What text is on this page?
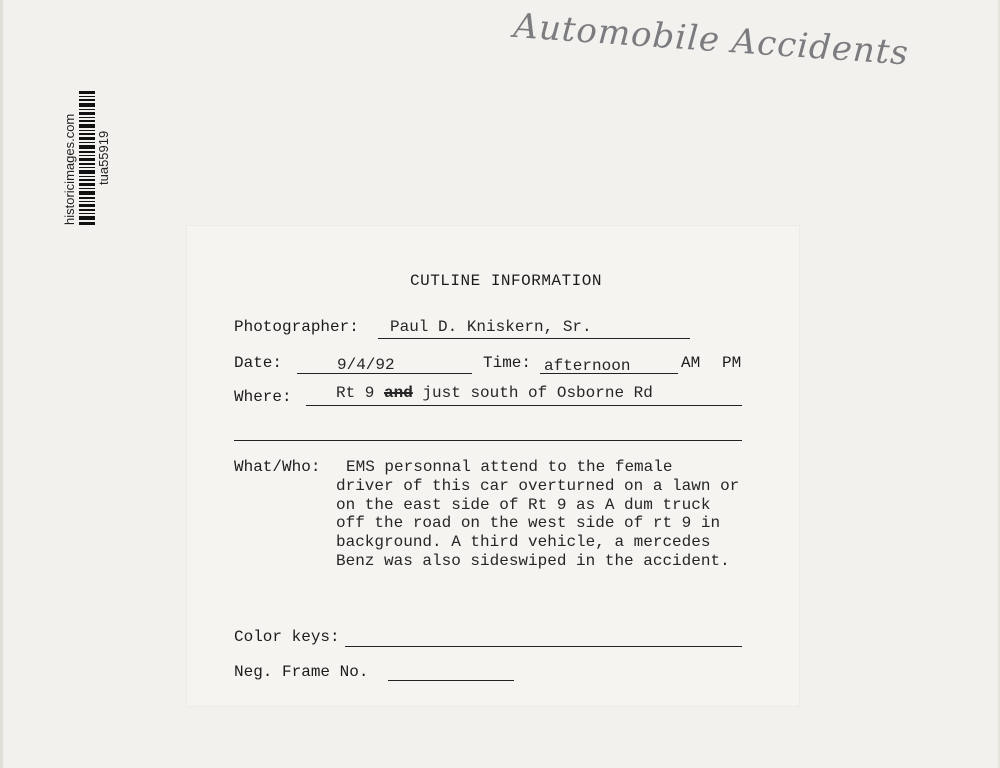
Automobile Accidents
historicimages.com tua55919
CUTLINE INFORMATION
Photographer: Paul D. Kniskern, Sr.
Date:	9/4/92	Time: afternoon	AM PM
Where:	Rt 9 and just south of Osborne Rd
What/Who: EMS personnal attend to the female
driver of this car overturned on a lawn or
on the east side of Rt 9 as A dum truck
off the road on the west side of rt 9 in
background. A third vehicle, a mercedes
Benz was also sideswiped in the accident.
Color keys:
Neg. Frame No.
